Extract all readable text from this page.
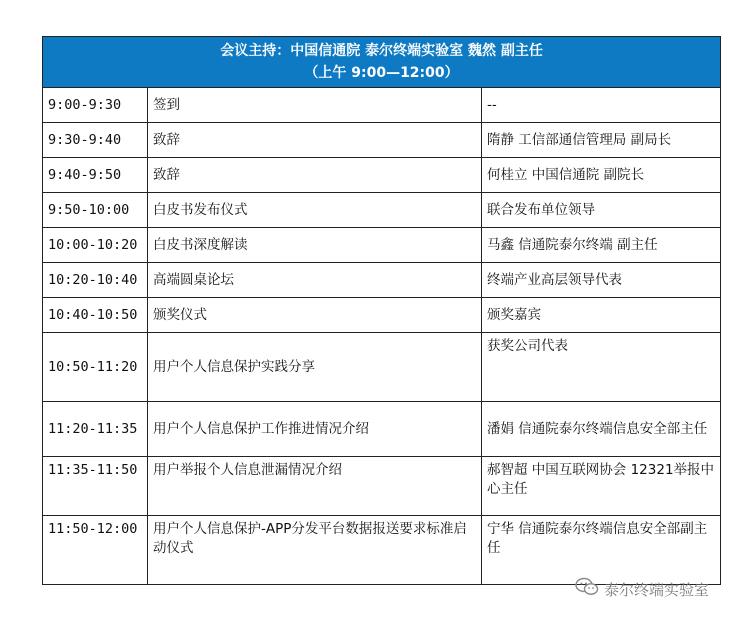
会议主持：中国信通院 泰尔终端实验室 魏然 副主任
（上午 9:00—12:00）		

9:00-9:30	签到	--
9:30-9:40	致辞	隋静 工信部通信管理局 副局长
9:40-9:50	致辞	何桂立 中国信通院 副院长
9:50-10:00	白皮书发布仪式	联合发布单位领导
10:00-10:20	白皮书深度解读	马鑫 信通院泰尔终端 副主任
10:20-10:40	高端圆桌论坛	终端产业高层领导代表
10:40-10:50	颁奖仪式	颁奖嘉宾
10:50-11:20	用户个人信息保护实践分享	获奖公司代表
11:20-11:35	用户个人信息保护工作推进情况介绍	潘娟 信通院泰尔终端信息安全部主任
11:35-11:50	用户举报个人信息泄漏情况介绍	郝智超 中国互联网协会 12321举报中心主任
11:50-12:00	用户个人信息保护-APP分发平台数据报送要求标准启动仪式	宁华 信通院泰尔终端信息安全部副主任
泰尔终端实验室
